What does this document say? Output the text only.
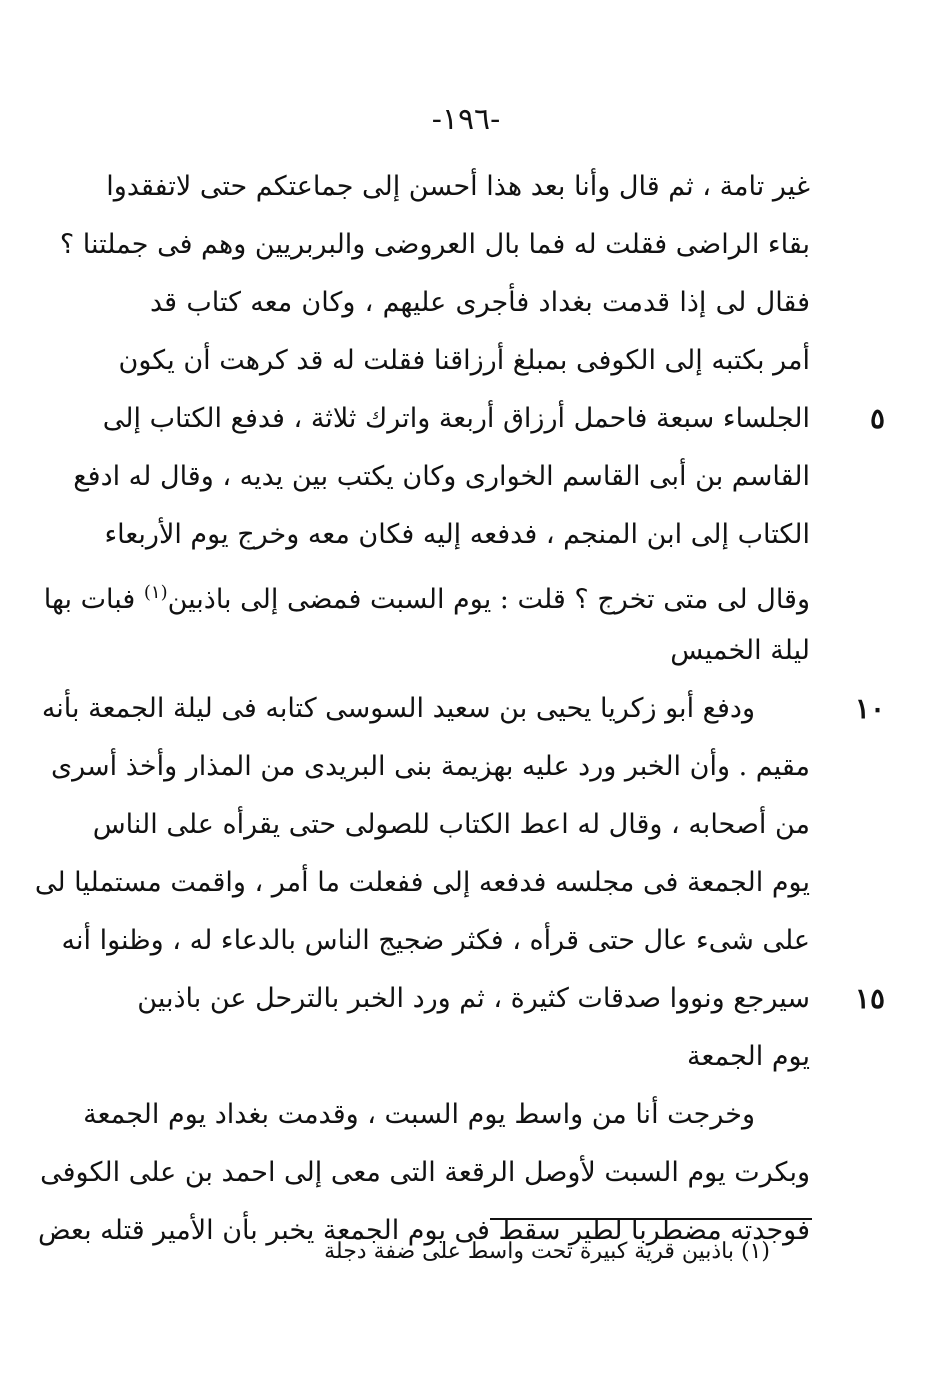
-١٩٦-
غير تامة ، ثم قال وأنا بعد هذا أحسن إلى جماعتكم حتى لاتفقدوا
بقاء الراضى فقلت له فما بال العروضى والبربريين وهم فى جملتنا ؟
فقال لى إذا قدمت بغداد فأجرى عليهم ، وكان معه كتاب قد
أمر بكتبه إلى الكوفى بمبلغ أرزاقنا فقلت له قد كرهت أن يكون
٥
الجلساء سبعة فاحمل أرزاق أربعة واترك ثلاثة ، فدفع الكتاب إلى
القاسم بن أبى القاسم الخوارى وكان يكتب بين يديه ، وقال له ادفع
الكتاب إلى ابن المنجم ، فدفعه إليه فكان معه وخرج يوم الأربعاء
وقال لى متى تخرج ؟ قلت : يوم السبت فمضى إلى باذبين$^{(١)}$ فبات بها
ليلة الخميس
١٠
ودفع أبو زكريا يحيى بن سعيد السوسى كتابه فى ليلة الجمعة بأنه
مقيم . وأن الخبر ورد عليه بهزيمة بنى البريدى من المذار وأخذ أسرى
من أصحابه ، وقال له اعط الكتاب للصولى حتى يقرأه على الناس
يوم الجمعة فى مجلسه فدفعه إلى ففعلت ما أمر ، واقمت مستمليا لى
على شىء عال حتى قرأه ، فكثر ضجيج الناس بالدعاء له ، وظنوا أنه
١٥
سيرجع ونووا صدقات كثيرة ، ثم ورد الخبر بالترحل عن باذبين
يوم الجمعة
وخرجت أنا من واسط يوم السبت ، وقدمت بغداد يوم الجمعة
وبكرت يوم السبت لأوصل الرقعة التى معى إلى احمد بن على الكوفى
فوجدته مضطربا لطير سقط فى يوم الجمعة يخبر بأن الأمير قتله بعض
(١) باذبين قرية كبيرة تحت واسط على ضفة دجلة
